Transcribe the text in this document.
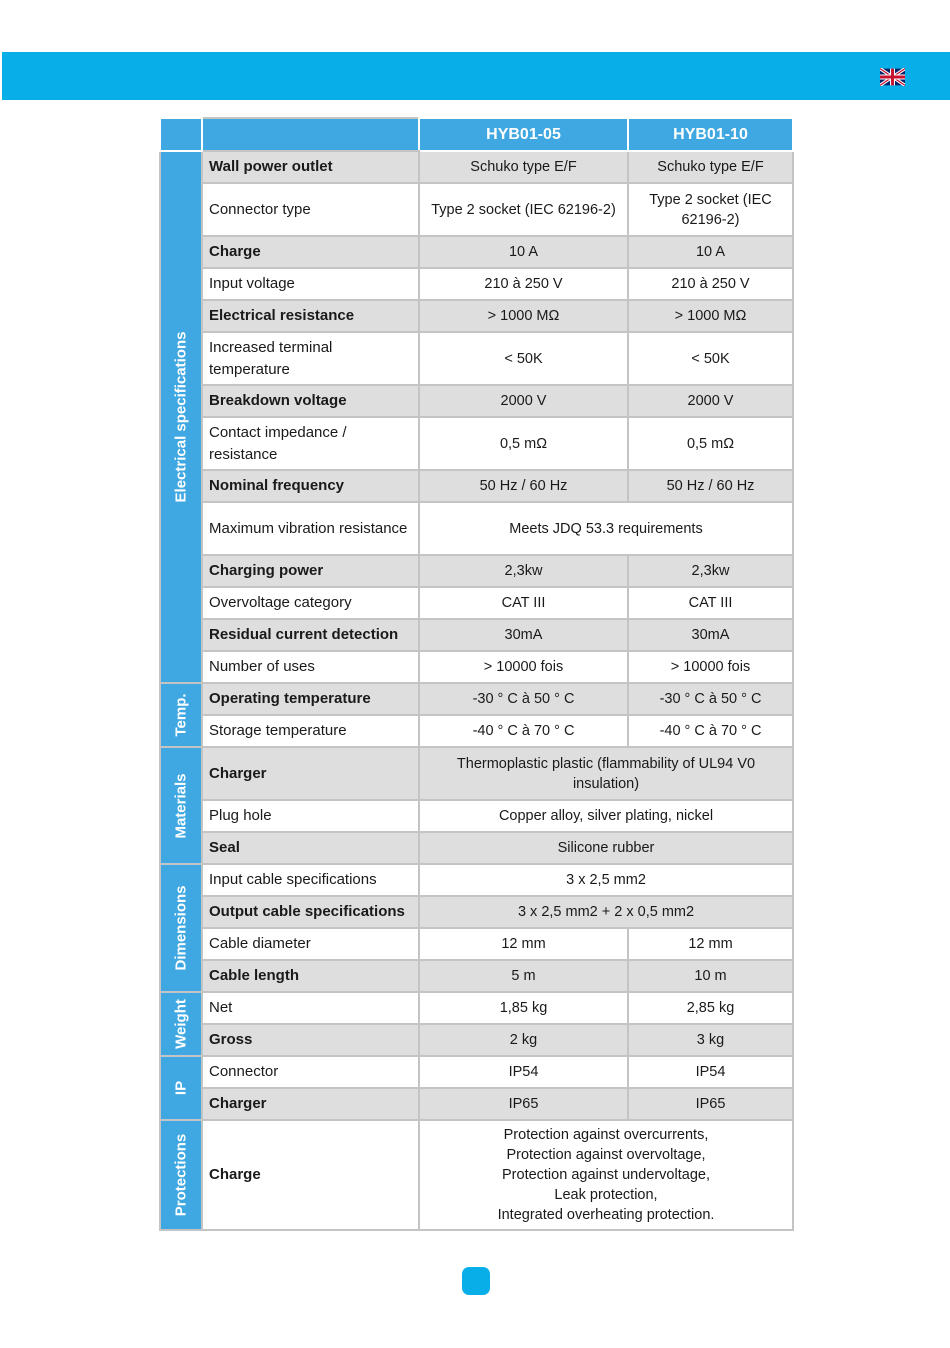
		HYB01-05	HYB01-10

Electrical specifications	Wall power outlet	Schuko type E/F	Schuko type E/F
	Connector type	Type 2 socket (IEC 62196-2)	Type 2 socket (IEC 62196-2)
	Charge	10 A	10 A
	Input voltage	210 à 250 V	210 à 250 V
	Electrical resistance	> 1000 MΩ	> 1000 MΩ
	Increased terminal temperature	< 50K	< 50K
	Breakdown voltage	2000 V	2000 V
	Contact impedance / resistance	0,5 mΩ	0,5 mΩ
	Nominal frequency	50 Hz / 60 Hz	50 Hz / 60 Hz
	Maximum vibration resistance	Meets JDQ 53.3 requirements	
	Charging power	2,3kw	2,3kw
	Overvoltage category	CAT III	CAT III
	Residual current detection	30mA	30mA
	Number of uses	> 10000 fois	> 10000 fois

Temp.	Operating temperature	-30 ° C à 50 ° C	-30 ° C à 50 ° C
	Storage temperature	-40 ° C à 70 ° C	-40 ° C à 70 ° C

Materials	Charger	Thermoplastic plastic (flammability of UL94 V0 insulation)	
	Plug hole	Copper alloy, silver plating, nickel	
	Seal	Silicone rubber	

Dimensions	Input cable specifications	3 x 2,5 mm2	
	Output cable specifications	3 x 2,5 mm2 + 2 x 0,5 mm2	
	Cable diameter	12 mm	12 mm
	Cable length	5 m	10 m

Weight	Net	1,85 kg	2,85 kg
	Gross	2 kg	3 kg

IP	Connector	IP54	IP54
	Charger	IP65	IP65

Protections	Charge	Protection against overcurrents,
Protection against overvoltage,
Protection against undervoltage,
Leak protection,
Integrated overheating protection.	
